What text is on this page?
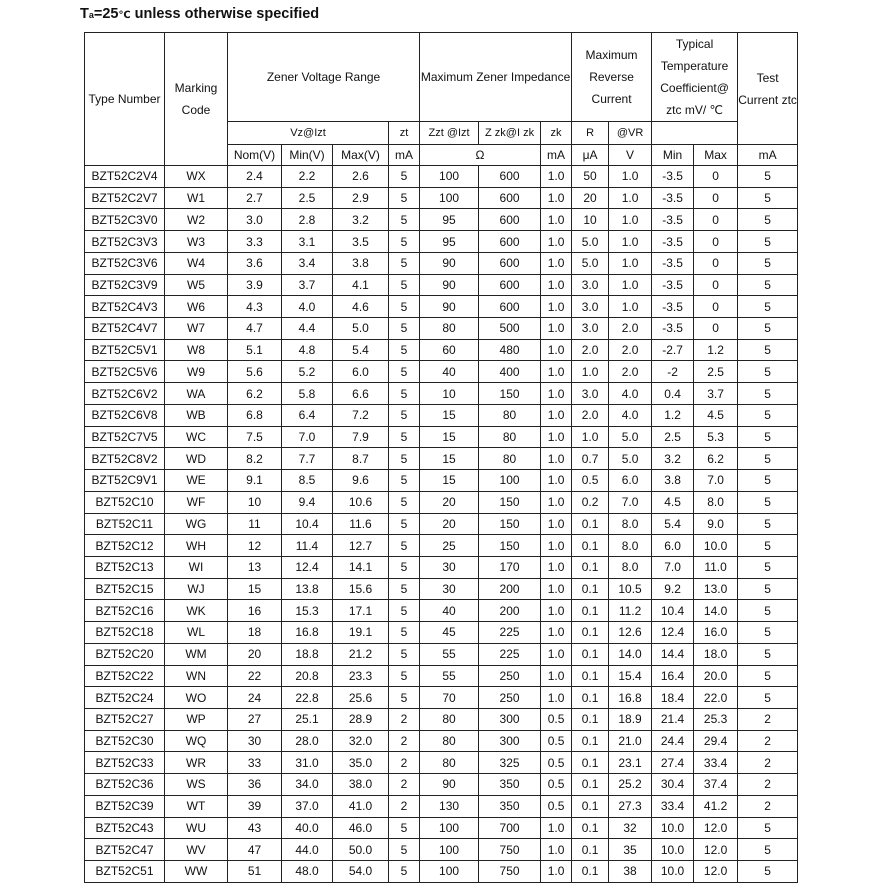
Ta=25℃ unless otherwise specified
Type Number	Marking Code	Zener Voltage Range				Maximum Zener Impedance			Maximum Reverse Current		Typical Temperature Coefficient@ ztc mV/ ℃		Test Current ztc
		Vz@Izt			zt	Zzt @Izt	Z zk@I zk	zk	R	@VR			
		Nom(V)	Min(V)	Max(V)	mA	Ω		mA	μA	V	Min	Max	mA
BZT52C2V4	WX	2.4	2.2	2.6	5	100	600	1.0	50	1.0	-3.5	0	5
BZT52C2V7	W1	2.7	2.5	2.9	5	100	600	1.0	20	1.0	-3.5	0	5
BZT52C3V0	W2	3.0	2.8	3.2	5	95	600	1.0	10	1.0	-3.5	0	5
BZT52C3V3	W3	3.3	3.1	3.5	5	95	600	1.0	5.0	1.0	-3.5	0	5
BZT52C3V6	W4	3.6	3.4	3.8	5	90	600	1.0	5.0	1.0	-3.5	0	5
BZT52C3V9	W5	3.9	3.7	4.1	5	90	600	1.0	3.0	1.0	-3.5	0	5
BZT52C4V3	W6	4.3	4.0	4.6	5	90	600	1.0	3.0	1.0	-3.5	0	5
BZT52C4V7	W7	4.7	4.4	5.0	5	80	500	1.0	3.0	2.0	-3.5	0	5
BZT52C5V1	W8	5.1	4.8	5.4	5	60	480	1.0	2.0	2.0	-2.7	1.2	5
BZT52C5V6	W9	5.6	5.2	6.0	5	40	400	1.0	1.0	2.0	-2	2.5	5
BZT52C6V2	WA	6.2	5.8	6.6	5	10	150	1.0	3.0	4.0	0.4	3.7	5
BZT52C6V8	WB	6.8	6.4	7.2	5	15	80	1.0	2.0	4.0	1.2	4.5	5
BZT52C7V5	WC	7.5	7.0	7.9	5	15	80	1.0	1.0	5.0	2.5	5.3	5
BZT52C8V2	WD	8.2	7.7	8.7	5	15	80	1.0	0.7	5.0	3.2	6.2	5
BZT52C9V1	WE	9.1	8.5	9.6	5	15	100	1.0	0.5	6.0	3.8	7.0	5
BZT52C10	WF	10	9.4	10.6	5	20	150	1.0	0.2	7.0	4.5	8.0	5
BZT52C11	WG	11	10.4	11.6	5	20	150	1.0	0.1	8.0	5.4	9.0	5
BZT52C12	WH	12	11.4	12.7	5	25	150	1.0	0.1	8.0	6.0	10.0	5
BZT52C13	WI	13	12.4	14.1	5	30	170	1.0	0.1	8.0	7.0	11.0	5
BZT52C15	WJ	15	13.8	15.6	5	30	200	1.0	0.1	10.5	9.2	13.0	5
BZT52C16	WK	16	15.3	17.1	5	40	200	1.0	0.1	11.2	10.4	14.0	5
BZT52C18	WL	18	16.8	19.1	5	45	225	1.0	0.1	12.6	12.4	16.0	5
BZT52C20	WM	20	18.8	21.2	5	55	225	1.0	0.1	14.0	14.4	18.0	5
BZT52C22	WN	22	20.8	23.3	5	55	250	1.0	0.1	15.4	16.4	20.0	5
BZT52C24	WO	24	22.8	25.6	5	70	250	1.0	0.1	16.8	18.4	22.0	5
BZT52C27	WP	27	25.1	28.9	2	80	300	0.5	0.1	18.9	21.4	25.3	2
BZT52C30	WQ	30	28.0	32.0	2	80	300	0.5	0.1	21.0	24.4	29.4	2
BZT52C33	WR	33	31.0	35.0	2	80	325	0.5	0.1	23.1	27.4	33.4	2
BZT52C36	WS	36	34.0	38.0	2	90	350	0.5	0.1	25.2	30.4	37.4	2
BZT52C39	WT	39	37.0	41.0	2	130	350	0.5	0.1	27.3	33.4	41.2	2
BZT52C43	WU	43	40.0	46.0	5	100	700	1.0	0.1	32	10.0	12.0	5
BZT52C47	WV	47	44.0	50.0	5	100	750	1.0	0.1	35	10.0	12.0	5
BZT52C51	WW	51	48.0	54.0	5	100	750	1.0	0.1	38	10.0	12.0	5
